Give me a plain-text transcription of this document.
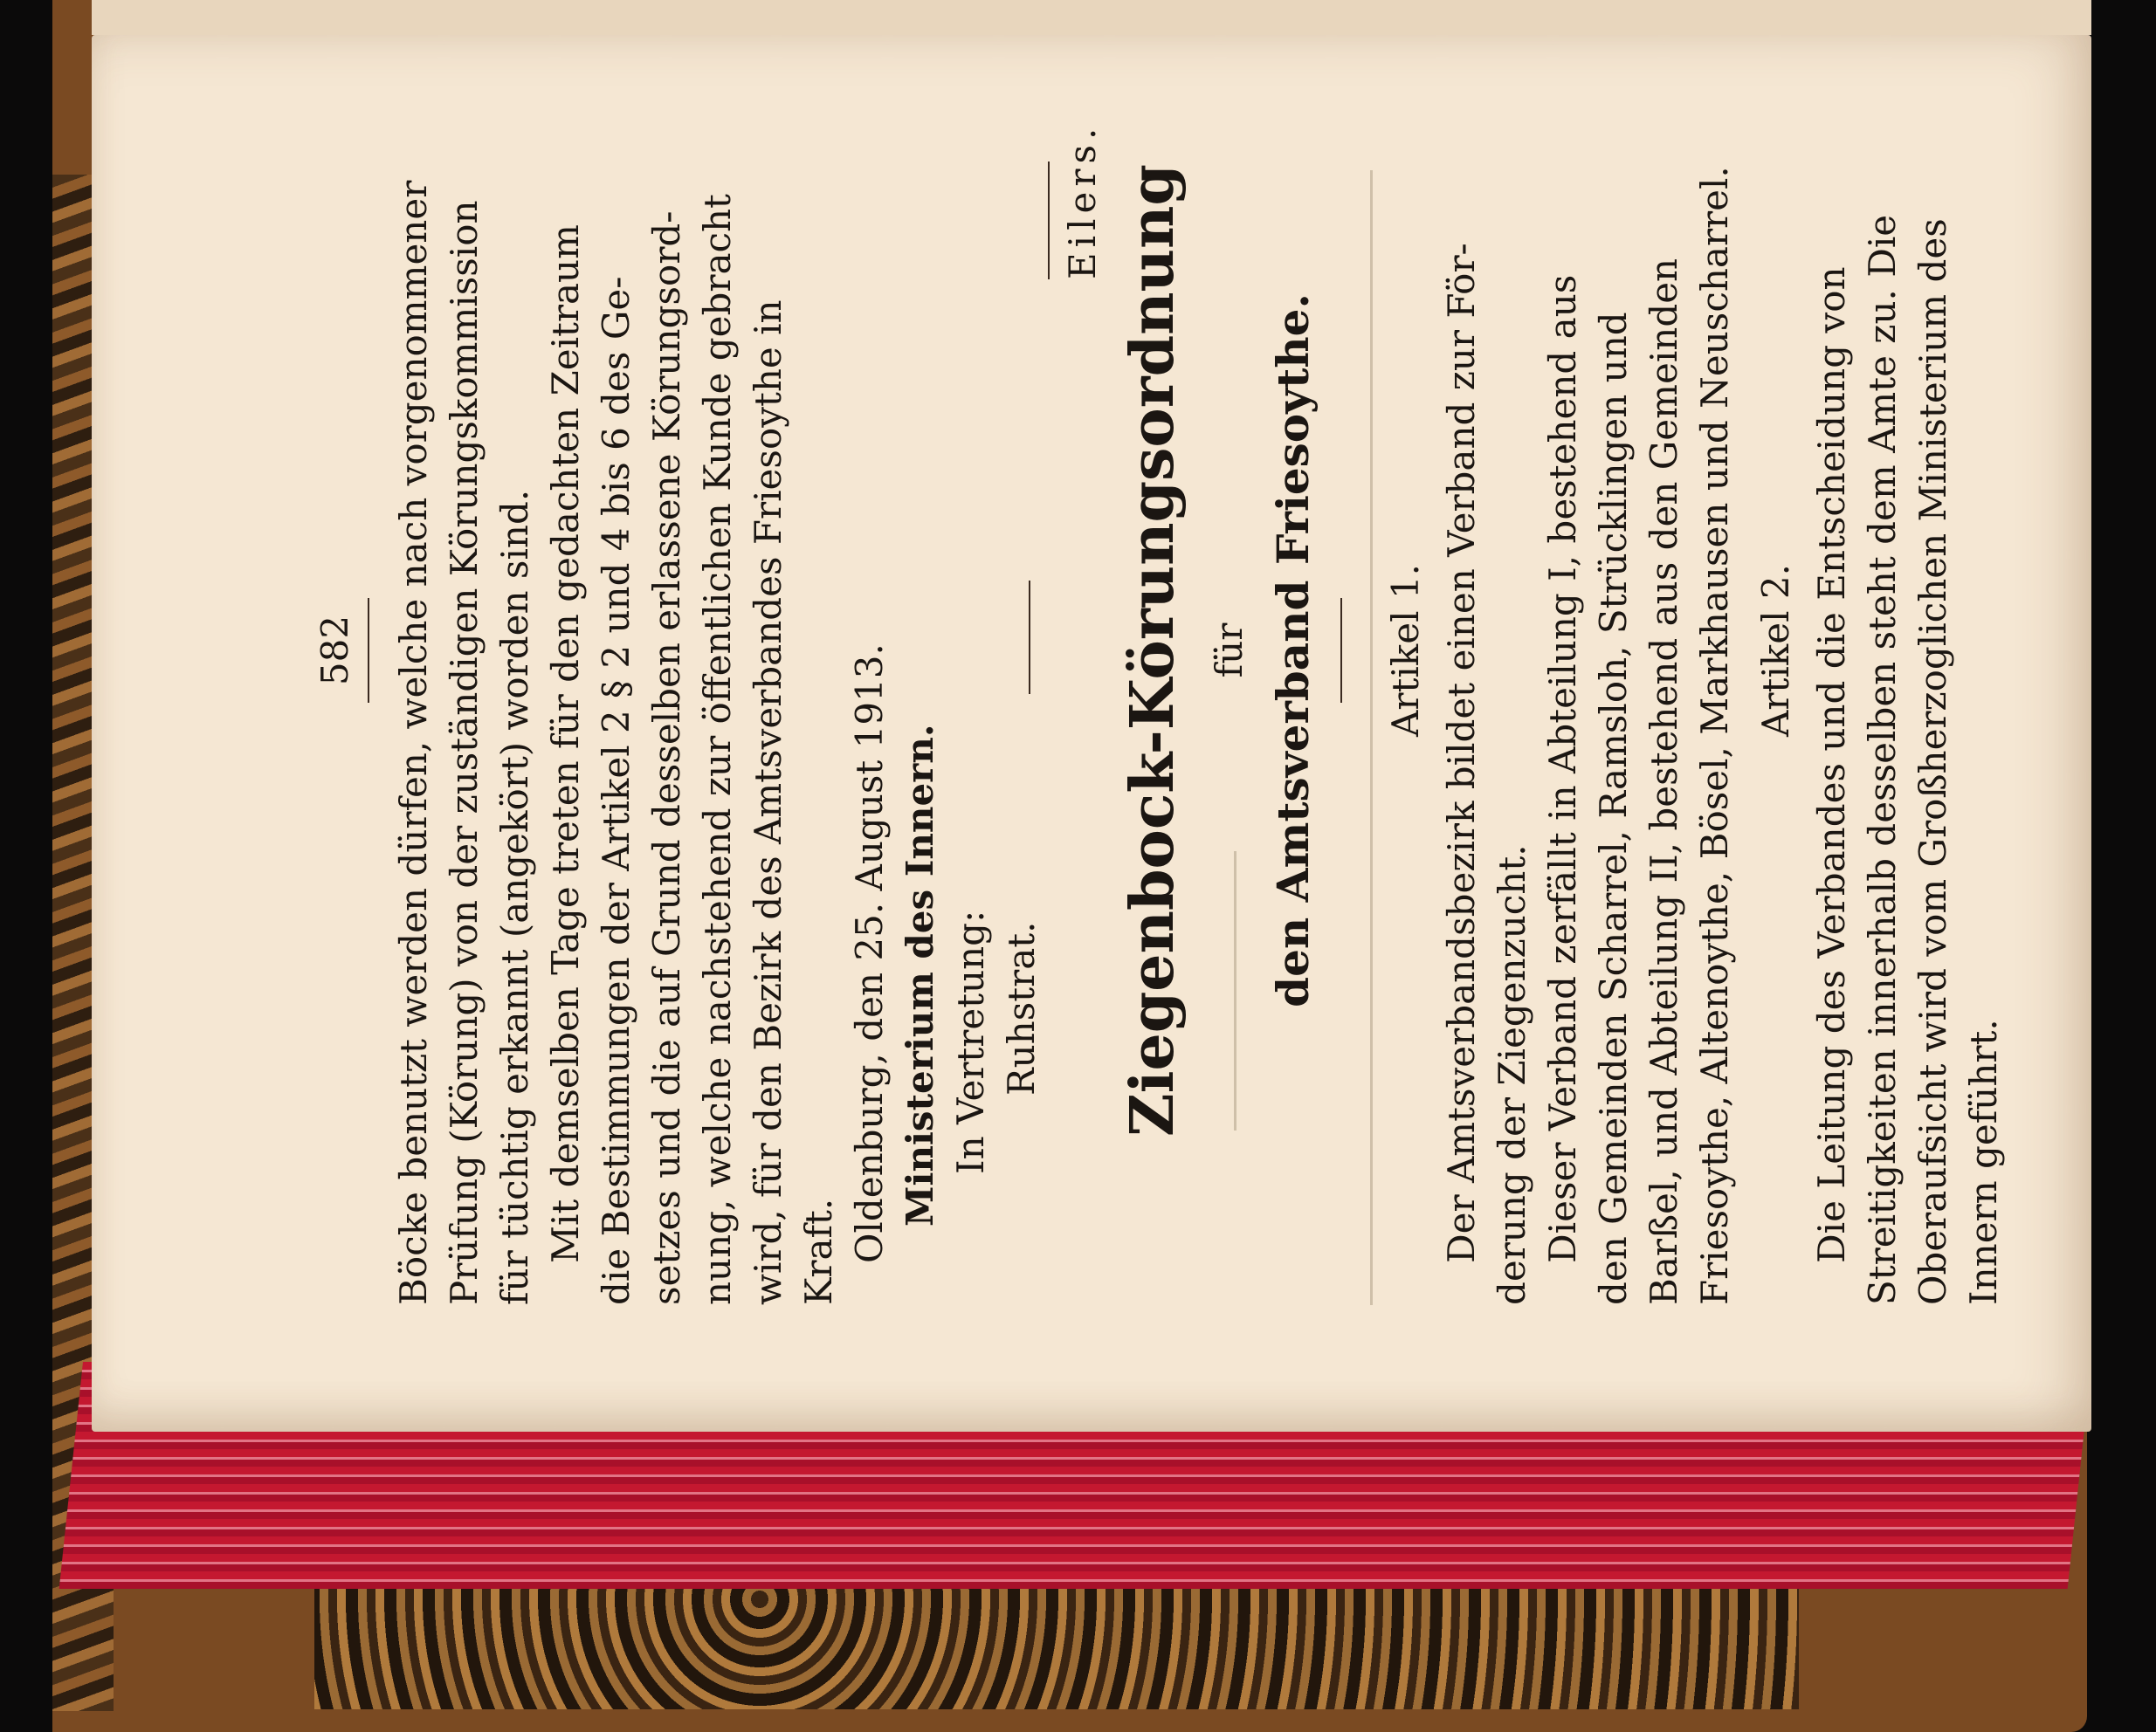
582 Böcke benutzt werden dürfen, welche nach vorgenommener Prüfung (Körung) von der zuständigen Körungskommission für tüchtig erkannt (angekört) worden sind. Mit demselben Tage treten für den gedachten Zeitraum die Bestimmungen der Artikel 2 § 2 und 4 bis 6 des Ge- setzes und die auf Grund desselben erlassene Körungsord- nung, welche nachstehend zur öffentlichen Kunde gebracht wird, für den Bezirk des Amtsverbandes Friesoythe in Kraft. Oldenburg, den 25. August 1913. Ministerium des Innern. In Vertretung: Ruhstrat.
Eilers. Ziegenbock-Körungsordnung für den Amtsverband Friesoythe. Artikel 1. Der Amtsverbandsbezirk bildet einen Verband zur För- derung der Ziegenzucht. Dieser Verband zerfällt in Abteilung I, bestehend aus den Gemeinden Scharrel, Ramsloh, Strücklingen und Barßel, und Abteilung II, bestehend aus den Gemeinden Friesoythe, Altenoythe, Bösel, Markhausen und Neuscharrel. Artikel 2. Die Leitung des Verbandes und die Entscheidung von Streitigkeiten innerhalb desselben steht dem Amte zu. Die Oberaufsicht wird vom Großherzoglichen Ministerium des Innern geführt.
